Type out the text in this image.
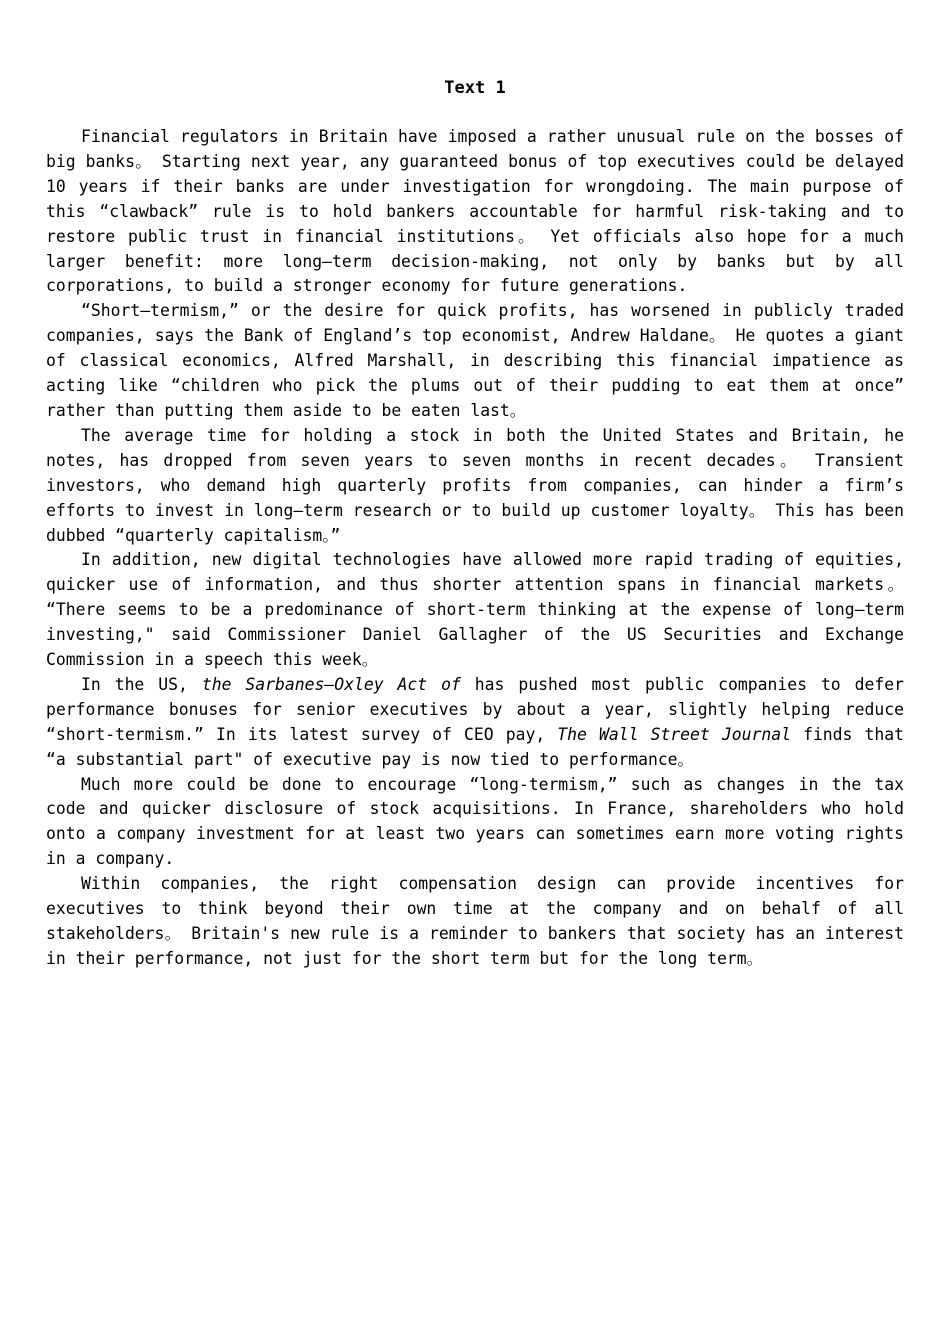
Text 1

Financial regulators in Britain have imposed a rather unusual rule on the bosses of big banks。 Starting next year, any guaranteed bonus of top executives could be delayed 10 years if their banks are under investigation for wrongdoing. The main purpose of this “clawback” rule is to hold bankers accountable for harmful risk-taking and to restore public trust in financial institutions。 Yet officials also hope for a much larger benefit: more long—term decision-making, not only by banks but by all corporations, to build a stronger economy for future generations.

“Short—termism,” or the desire for quick profits, has worsened in publicly traded companies, says the Bank of England’s top economist, Andrew Haldane。 He quotes a giant of classical economics, Alfred Marshall, in describing this financial impatience as acting like “children who pick the plums out of their pudding to eat them at once” rather than putting them aside to be eaten last。

The average time for holding a stock in both the United States and Britain, he notes, has dropped from seven years to seven months in recent decades。 Transient investors, who demand high quarterly profits from companies, can hinder a firm’s efforts to invest in long—term research or to build up customer loyalty。 This has been dubbed “quarterly capitalism。”

In addition, new digital technologies have allowed more rapid trading of equities, quicker use of information, and thus shorter attention spans in financial markets。 “There seems to be a predominance of short-term thinking at the expense of long—term investing," said Commissioner Daniel Gallagher of the US Securities and Exchange Commission in a speech this week。

In the US, the Sarbanes—Oxley Act of has pushed most public companies to defer performance bonuses for senior executives by about a year, slightly helping reduce “short-termism.” In its latest survey of CEO pay, The Wall Street Journal finds that “a substantial part" of executive pay is now tied to performance。

Much more could be done to encourage “long-termism,” such as changes in the tax code and quicker disclosure of stock acquisitions. In France, shareholders who hold onto a company investment for at least two years can sometimes earn more voting rights in a company.

Within companies, the right compensation design can provide incentives for executives to think beyond their own time at the company and on behalf of all stakeholders。 Britain's new rule is a reminder to bankers that society has an interest in their performance, not just for the short term but for the long term。
